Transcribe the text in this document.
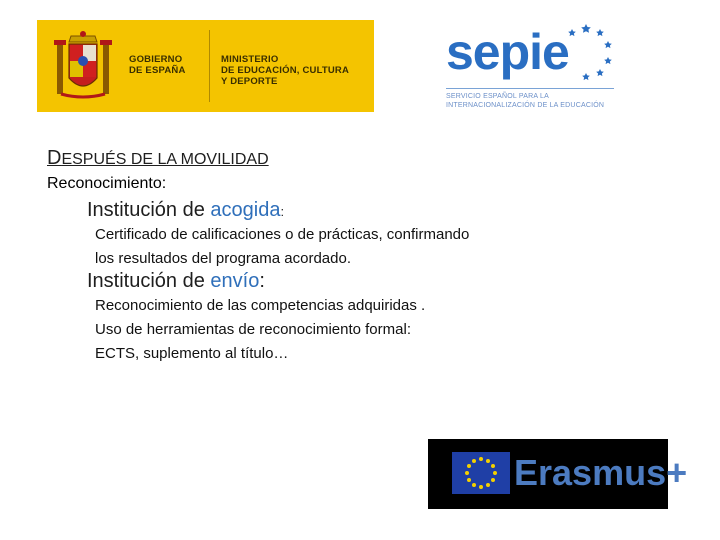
GOBIERNO
DE ESPAÑA
MINISTERIO
DE EDUCACIÓN, CULTURA
Y DEPORTE
sepie
SERVICIO ESPAÑOL PARA LA
INTERNACIONALIZACIÓN DE LA EDUCACIÓN
DESPUÉS DE LA MOVILIDAD
Reconocimiento:
Institución de acogida:
Certificado de calificaciones o de prácticas, confirmando los resultados del programa acordado.
Institución de envío:
Reconocimiento de las competencias adquiridas .
Uso de herramientas de reconocimiento formal:
ECTS, suplemento al título…
Erasmus+
